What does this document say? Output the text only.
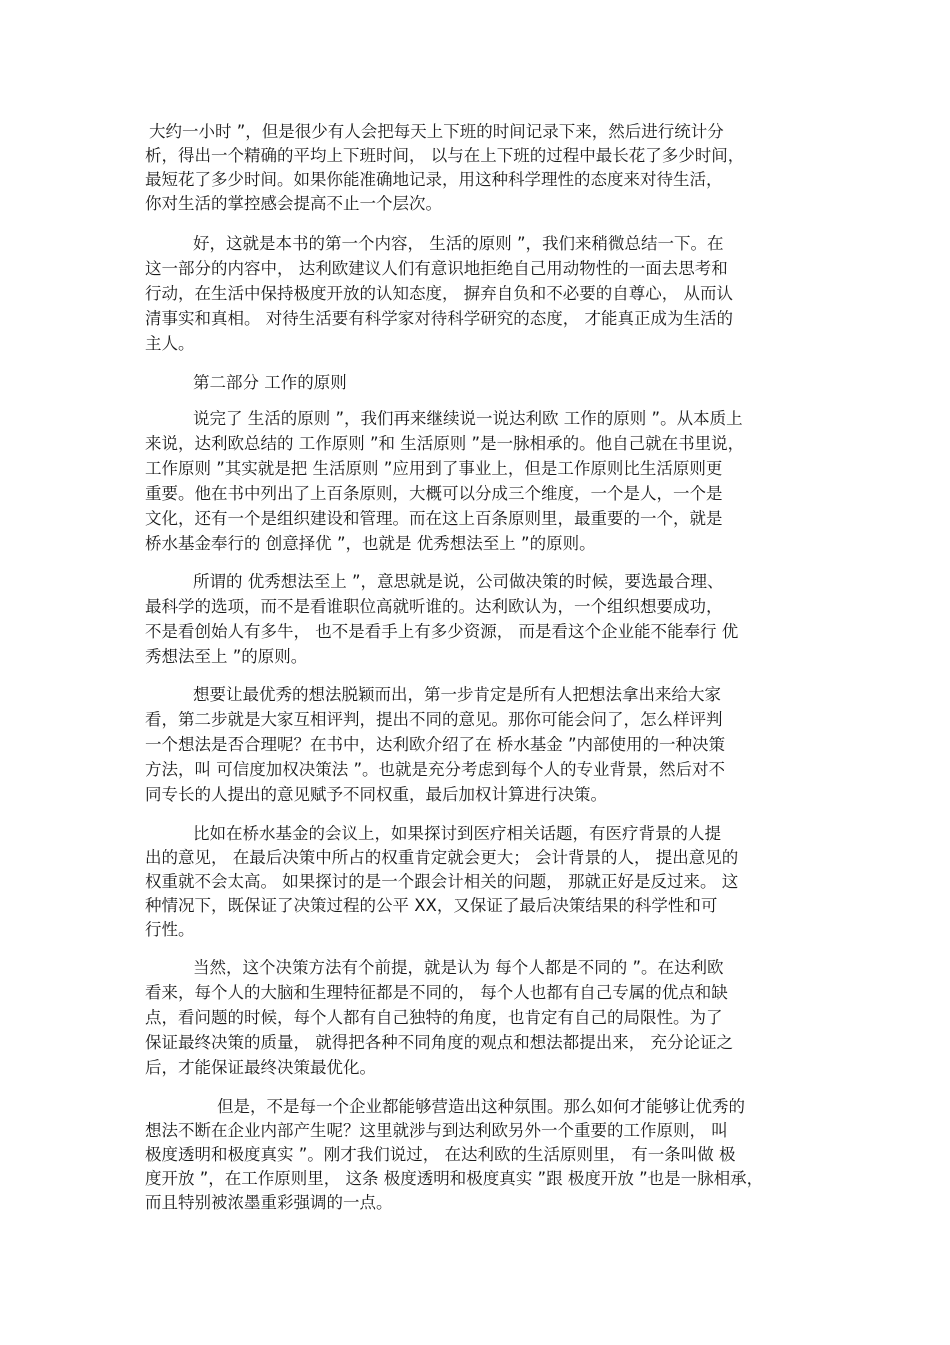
大约一小时 ”，但是很少有人会把每天上下班的时间记录下来，然后进行统计分
析，得出一个精确的平均上下班时间， 以与在上下班的过程中最长花了多少时间，
最短花了多少时间。如果你能准确地记录，用这种科学理性的态度来对待生活，
你对生活的掌控感会提高不止一个层次。
好，这就是本书的第一个内容， 生活的原则 ”，我们来稍微总结一下。在
这一部分的内容中， 达利欧建议人们有意识地拒绝自己用动物性的一面去思考和
行动，在生活中保持极度开放的认知态度， 摒弃自负和不必要的自尊心， 从而认
清事实和真相。 对待生活要有科学家对待科学研究的态度， 才能真正成为生活的
主人。
第二部分 工作的原则
说完了 生活的原则 ”，我们再来继续说一说达利欧 工作的原则 ”。从本质上
来说，达利欧总结的 工作原则 ”和 生活原则 ”是一脉相承的。他自己就在书里说，
工作原则 ”其实就是把 生活原则 ”应用到了事业上，但是工作原则比生活原则更
重要。他在书中列出了上百条原则，大概可以分成三个维度，一个是人，一个是
文化，还有一个是组织建设和管理。而在这上百条原则里，最重要的一个，就是
桥水基金奉行的 创意择优 ”，也就是 优秀想法至上 ”的原则。
所谓的 优秀想法至上 ”，意思就是说，公司做决策的时候，要选最合理、
最科学的选项，而不是看谁职位高就听谁的。达利欧认为，一个组织想要成功，
不是看创始人有多牛， 也不是看手上有多少资源， 而是看这个企业能不能奉行 优
秀想法至上 ”的原则。
想要让最优秀的想法脱颖而出，第一步肯定是所有人把想法拿出来给大家
看，第二步就是大家互相评判，提出不同的意见。那你可能会问了，怎么样评判
一个想法是否合理呢？在书中，达利欧介绍了在 桥水基金 ”内部使用的一种决策
方法，叫 可信度加权决策法 ”。也就是充分考虑到每个人的专业背景，然后对不
同专长的人提出的意见赋予不同权重，最后加权计算进行决策。
比如在桥水基金的会议上，如果探讨到医疗相关话题，有医疗背景的人提
出的意见， 在最后决策中所占的权重肯定就会更大； 会计背景的人， 提出意见的
权重就不会太高。 如果探讨的是一个跟会计相关的问题， 那就正好是反过来。 这
种情况下，既保证了决策过程的公平 XX，又保证了最后决策结果的科学性和可
行性。
当然，这个决策方法有个前提，就是认为 每个人都是不同的 ”。在达利欧
看来，每个人的大脑和生理特征都是不同的， 每个人也都有自己专属的优点和缺
点，看问题的时候，每个人都有自己独特的角度，也肯定有自己的局限性。为了
保证最终决策的质量， 就得把各种不同角度的观点和想法都提出来， 充分论证之
后，才能保证最终决策最优化。
但是，不是每一个企业都能够营造出这种氛围。那么如何才能够让优秀的
想法不断在企业内部产生呢？这里就涉与到达利欧另外一个重要的工作原则， 叫
极度透明和极度真实 ”。刚才我们说过， 在达利欧的生活原则里， 有一条叫做 极
度开放 ”，在工作原则里， 这条 极度透明和极度真实 ”跟 极度开放 ”也是一脉相承，
而且特别被浓墨重彩强调的一点。
